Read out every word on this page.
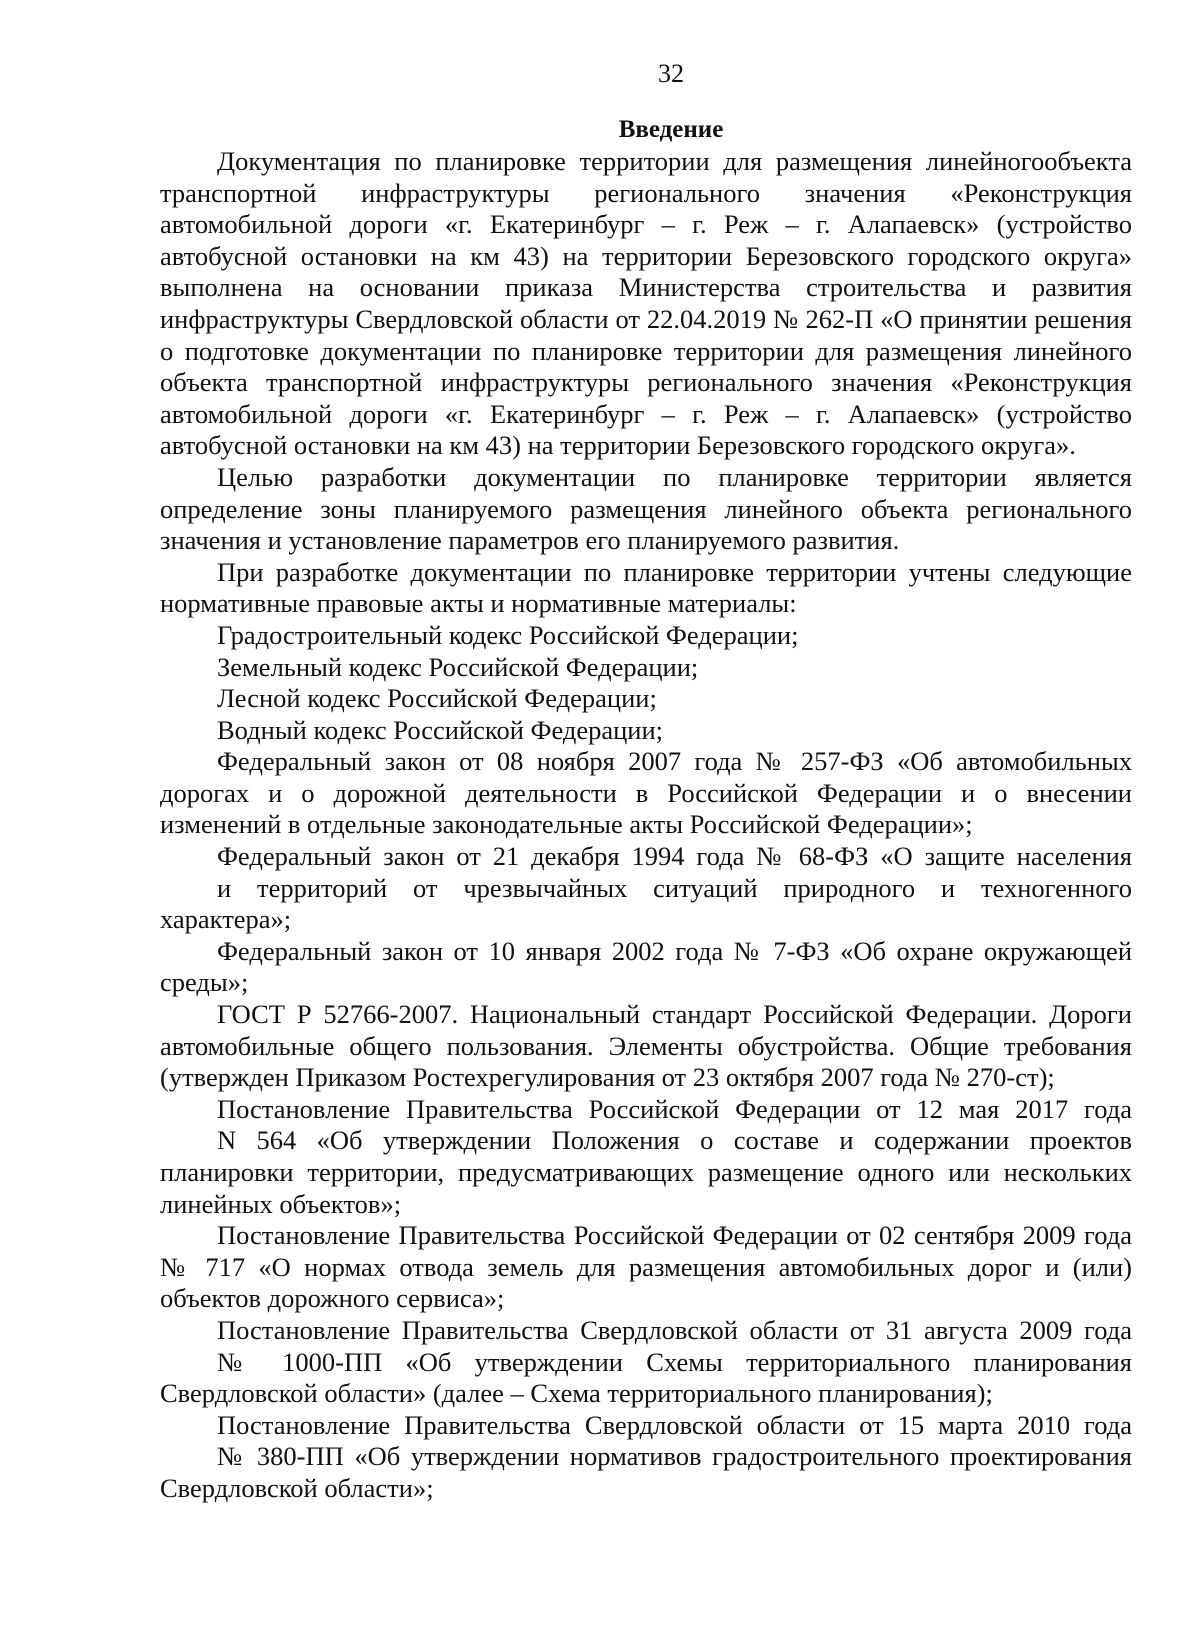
32
Введение

Документация по планировке территории для размещения линейногообъекта транспортной инфраструктуры регионального значения «Реконструкция автомобильной дороги «г. Екатеринбург – г. Реж – г. Алапаевск» (устройство автобусной остановки на км 43) на территории Березовского городского округа» выполнена на основании приказа Министерства строительства и развития инфраструктуры Свердловской области от 22.04.2019 № 262-П «О принятии решения о подготовке документации по планировке территории для размещения линейного объекта транспортной инфраструктуры регионального значения «Реконструкция автомобильной дороги «г. Екатеринбург – г. Реж – г. Алапаевск» (устройство автобусной остановки на км 43) на территории Березовского городского округа».

Целью разработки документации по планировке территории является определение зоны планируемого размещения линейного объекта регионального значения и установление параметров его планируемого развития.

При разработке документации по планировке территории учтены следующие нормативные правовые акты и нормативные материалы:

Градостроительный кодекс Российской Федерации;

Земельный кодекс Российской Федерации;

Лесной кодекс Российской Федерации;

Водный кодекс Российской Федерации;

Федеральный закон от 08 ноября 2007 года № 257-ФЗ «Об автомобильных дорогах и о дорожной деятельности в Российской Федерации и о внесении изменений в отдельные законодательные акты Российской Федерации»;

Федеральный закон от 21 декабря 1994 года № 68-ФЗ «О защите населения

и территорий от чрезвычайных ситуаций природного и техногенного характера»;

Федеральный закон от 10 января 2002 года № 7-ФЗ «Об охране окружающей среды»;

ГОСТ Р 52766-2007. Национальный стандарт Российской Федерации. Дороги автомобильные общего пользования. Элементы обустройства. Общие требования (утвержден Приказом Ростехрегулирования от 23 октября 2007 года № 270-ст);

Постановление Правительства Российской Федерации от 12 мая 2017 года

N 564 «Об утверждении Положения о составе и содержании проектов планировки территории, предусматривающих размещение одного или нескольких линейных объектов»;

Постановление Правительства Российской Федерации от 02 сентября 2009 года № 717 «О нормах отвода земель для размещения автомобильных дорог и (или) объектов дорожного сервиса»;

Постановление Правительства Свердловской области от 31 августа 2009 года

№ 1000-ПП «Об утверждении Схемы территориального планирования Свердловской области» (далее – Схема территориального планирования);

Постановление Правительства Свердловской области от 15 марта 2010 года

№ 380-ПП «Об утверждении нормативов градостроительного проектирования Свердловской области»;
